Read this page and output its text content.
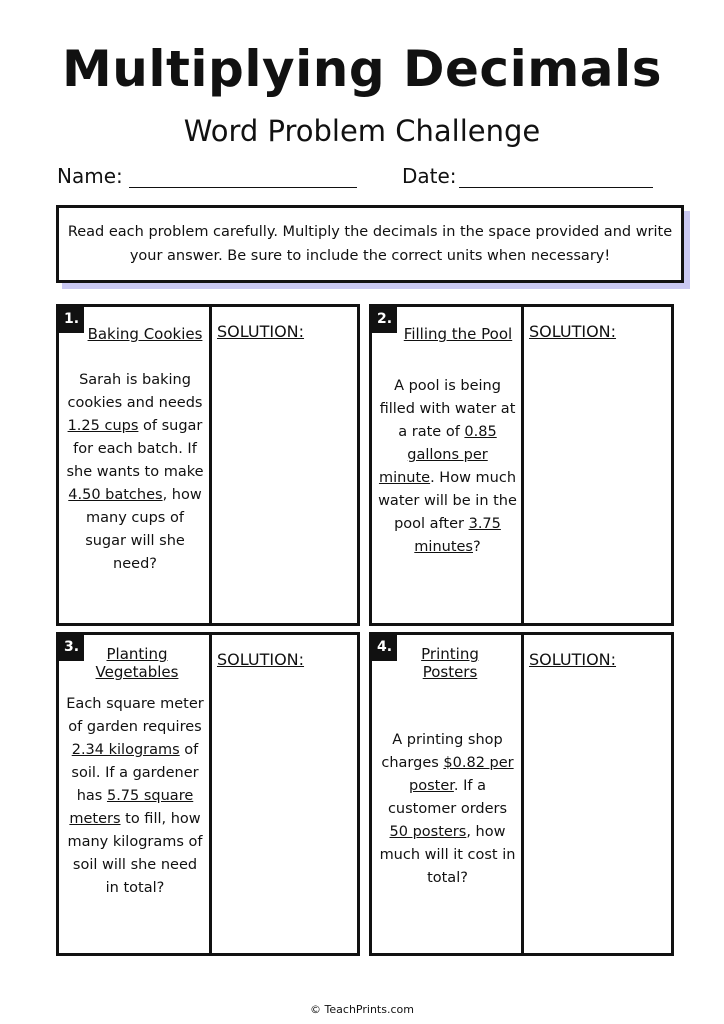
Multiplying Decimals
Word Problem Challenge
Name:	Date:
Read each problem carefully. Multiply the decimals in the space provided and write your answer. Be sure to include the correct units when necessary!
1.
Baking Cookies
Sarah is baking cookies and needs 1.25 cups of sugar for each batch. If she wants to make 4.50 batches, how many cups of sugar will she need?
SOLUTION:
2.
Filling the Pool
A pool is being filled with water at a rate of 0.85 gallons per minute. How much water will be in the pool after 3.75 minutes?
SOLUTION:
3.	Planting Vegetables
Each square meter of garden requires 2.34 kilograms of soil. If a gardener has 5.75 square meters to fill, how many kilograms of soil will she need in total?
SOLUTION:
4.	Printing Posters
A printing shop charges $0.82 per poster. If a customer orders 50 posters, how much will it cost in total?
SOLUTION:
© TeachPrints.com
